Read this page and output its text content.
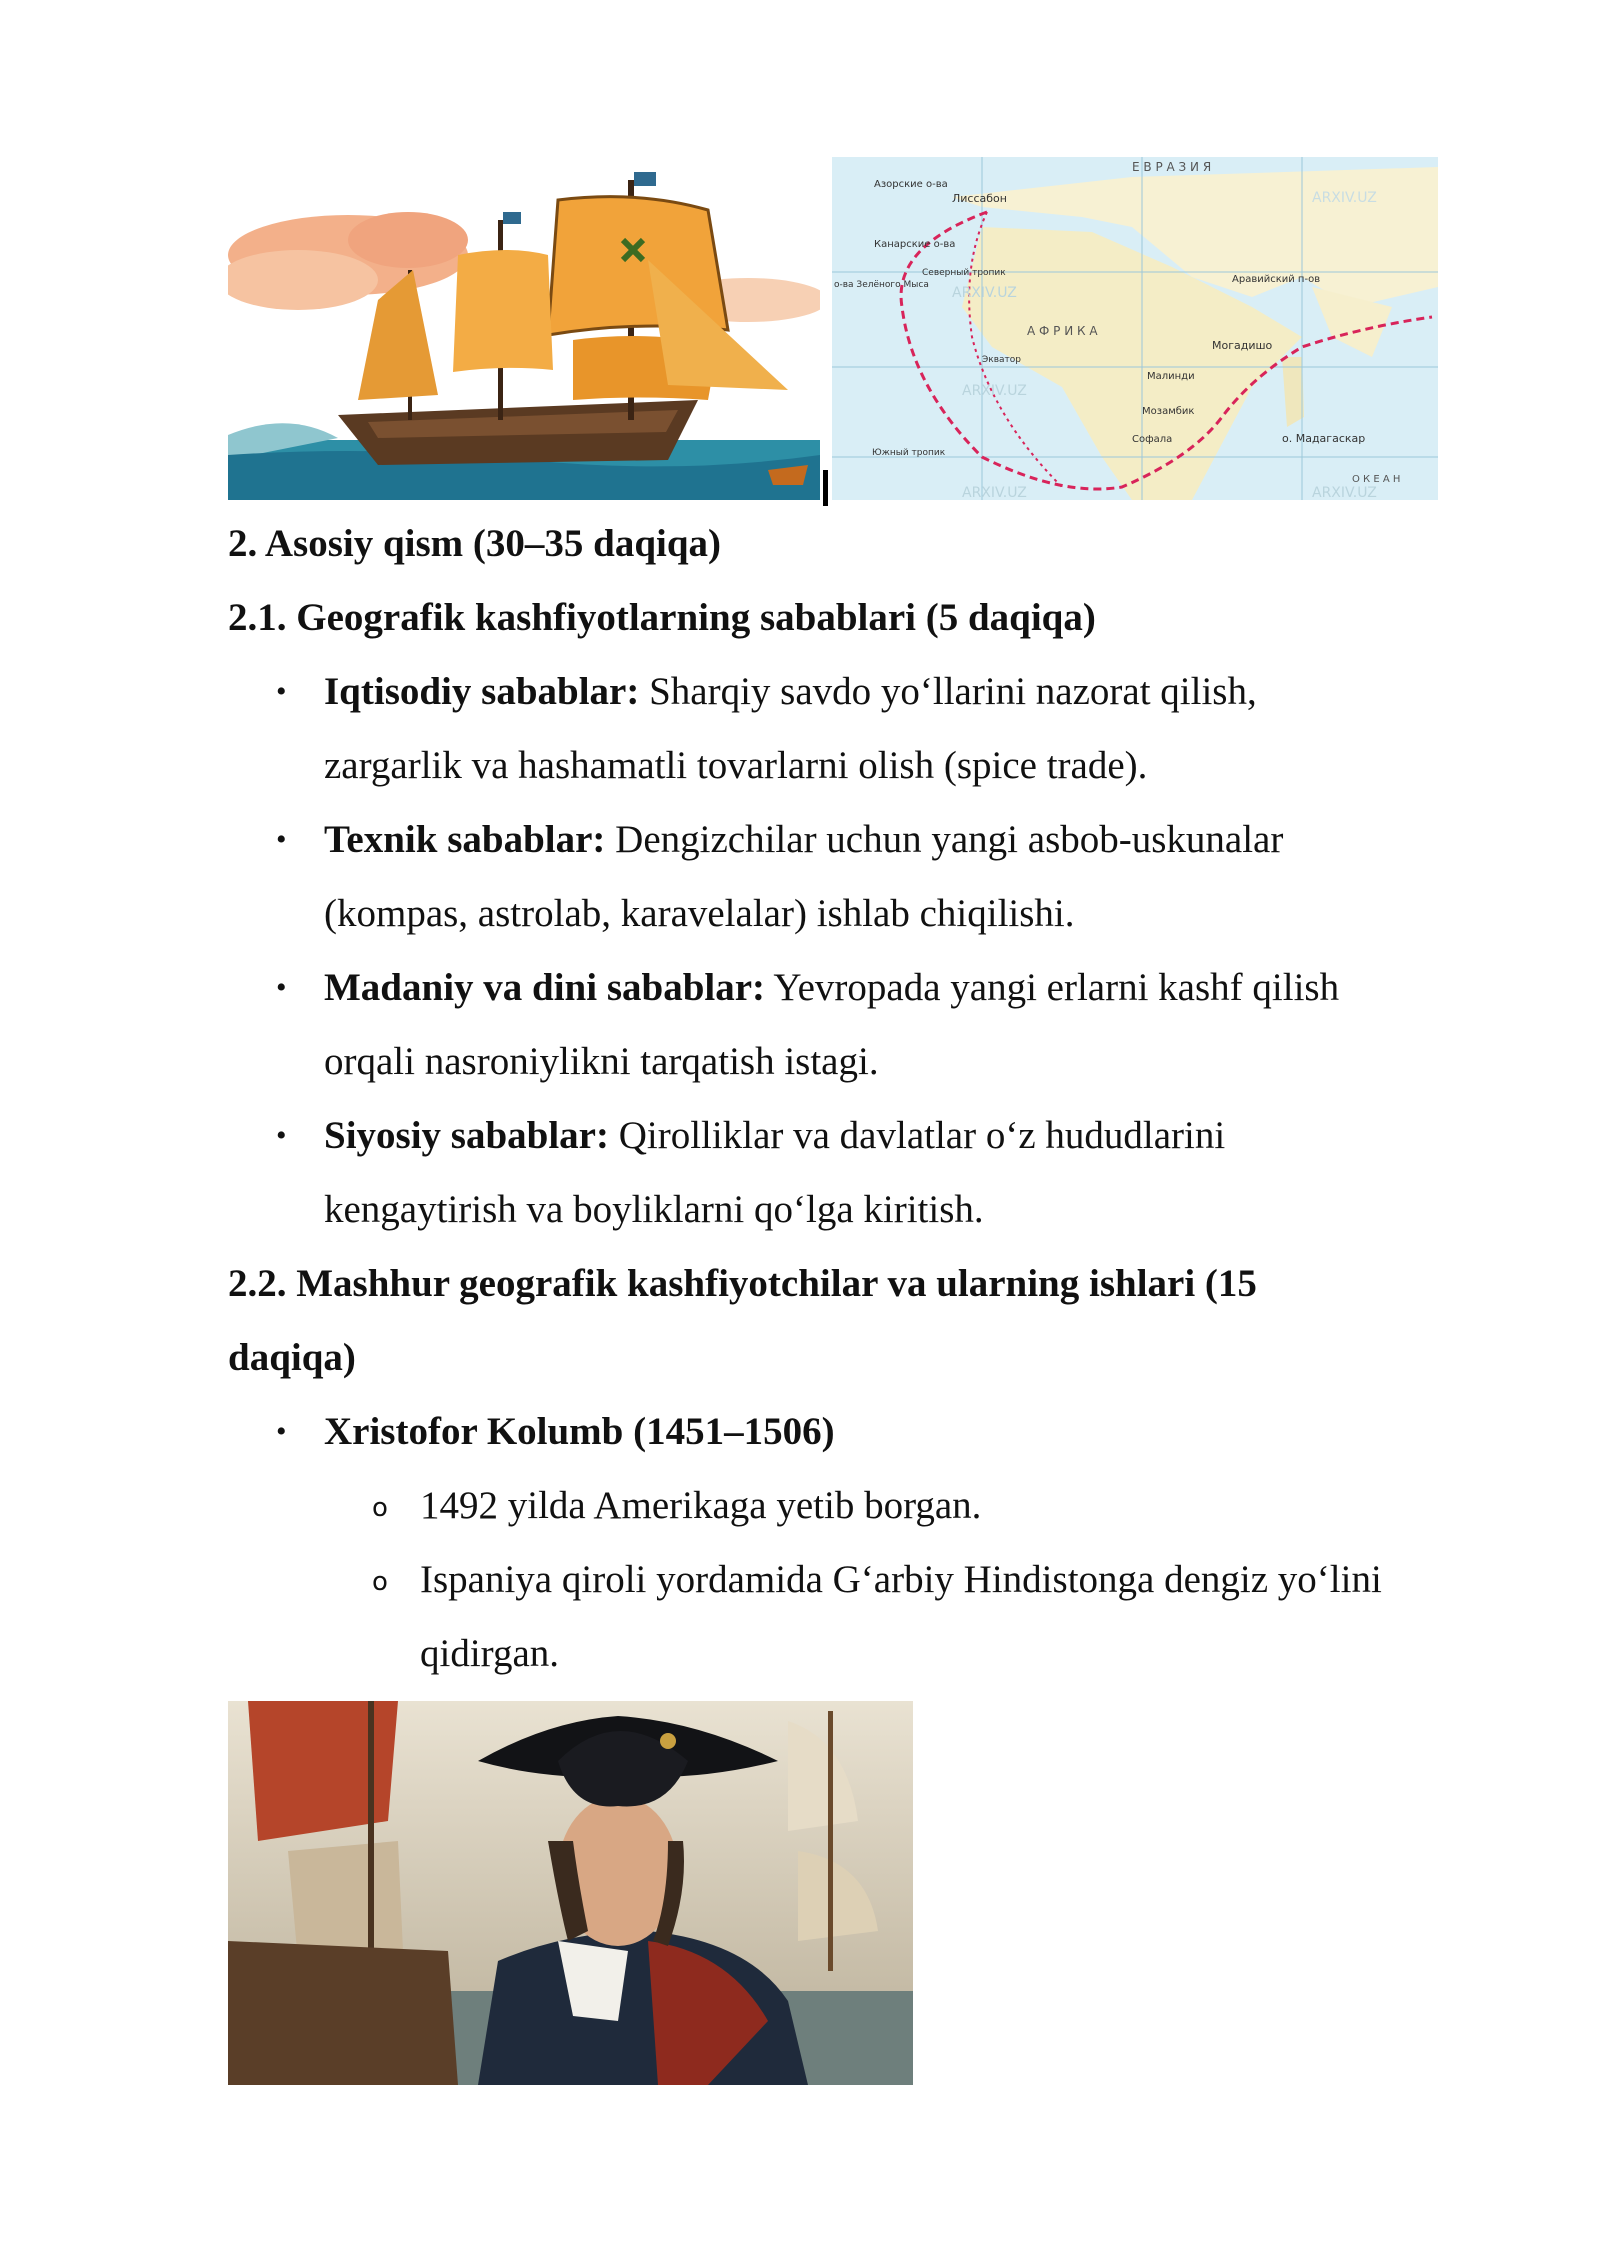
Е В Р А З И Я
А Ф Р И К А
Азорские о-ва
Лиссабон
Канарские о-ва
о-ва Зелёного Мыса
Северный тропик
Экватор
Южный тропик
Аравийский п-ов
Могадишо
Малинди
Мозамбик
Софала	о. Мадагаскар
О К Е А Н
ARXIV.UZ
ARXIV.UZ
ARXIV.UZ
ARXIV.UZ	ARXIV.UZ
2. Asosiy qism (30–35 daqiqa)
2.1. Geografik kashfiyotlarning sabablari (5 daqiqa)
• Iqtisodiy sabablar: Sharqiy savdo yo‘llarini nazorat qilish,
zargarlik va hashamatli tovarlarni olish (spice trade).
• Texnik sabablar: Dengizchilar uchun yangi asbob-uskunalar
(kompas, astrolab, karavelalar) ishlab chiqilishi.
• Madaniy va dini sabablar: Yevropada yangi erlarni kashf qilish
orqali nasroniylikni tarqatish istagi.
• Siyosiy sabablar: Qirolliklar va davlatlar o‘z hududlarini
kengaytirish va boyliklarni qo‘lga kiritish.
2.2. Mashhur geografik kashfiyotchilar va ularning ishlari (15
daqiqa)
• Xristofor Kolumb (1451–1506)
o 1492 yilda Amerikaga yetib borgan.
o Ispaniya qiroli yordamida G‘arbiy Hindistonga dengiz yo‘lini
qidirgan.
